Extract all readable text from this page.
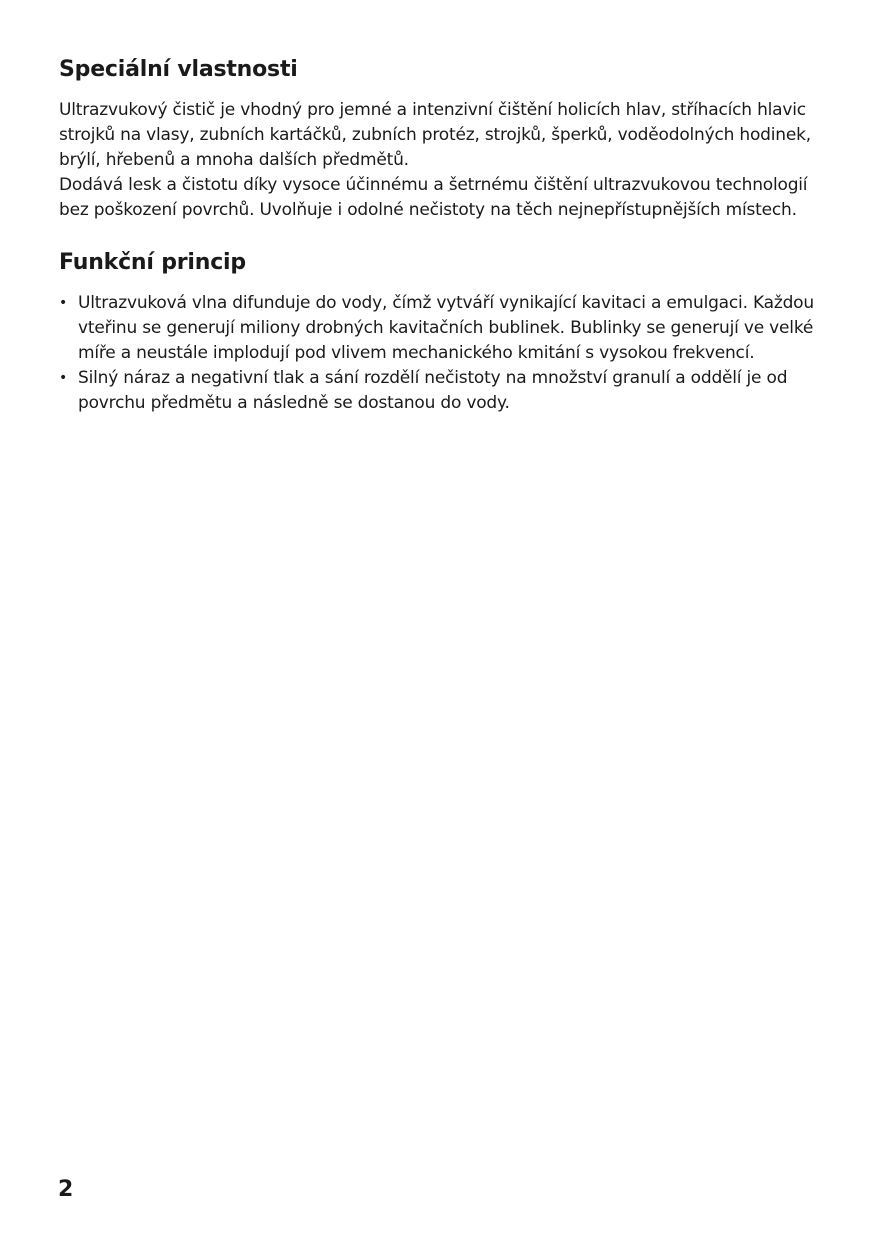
Speciální vlastnosti

Ultrazvukový čistič je vhodný pro jemné a intenzivní čištění holicích hlav, stříhacích hlavic strojků na vlasy, zubních kartáčků, zubních protéz, strojků, šperků, voděodolných hodinek, brýlí, hřebenů a mnoha dalších předmětů.

Dodává lesk a čistotu díky vysoce účinnému a šetrnému čištění ultrazvukovou technologií bez poškození povrchů. Uvolňuje i odolné nečistoty na těch nejnepřístupnějších místech.

Funkční princip
• Ultrazvuková vlna difunduje do vody, čímž vytváří vynikající kavitaci a emulgaci. Každou vteřinu se generují miliony drobných kavitačních bublinek. Bublinky se generují ve velké míře a neustále implodují pod vlivem mechanického kmitání s vysokou frekvencí.
• Silný náraz a negativní tlak a sání rozdělí nečistoty na množství granulí a oddělí je od povrchu předmětu a následně se dostanou do vody.
2
